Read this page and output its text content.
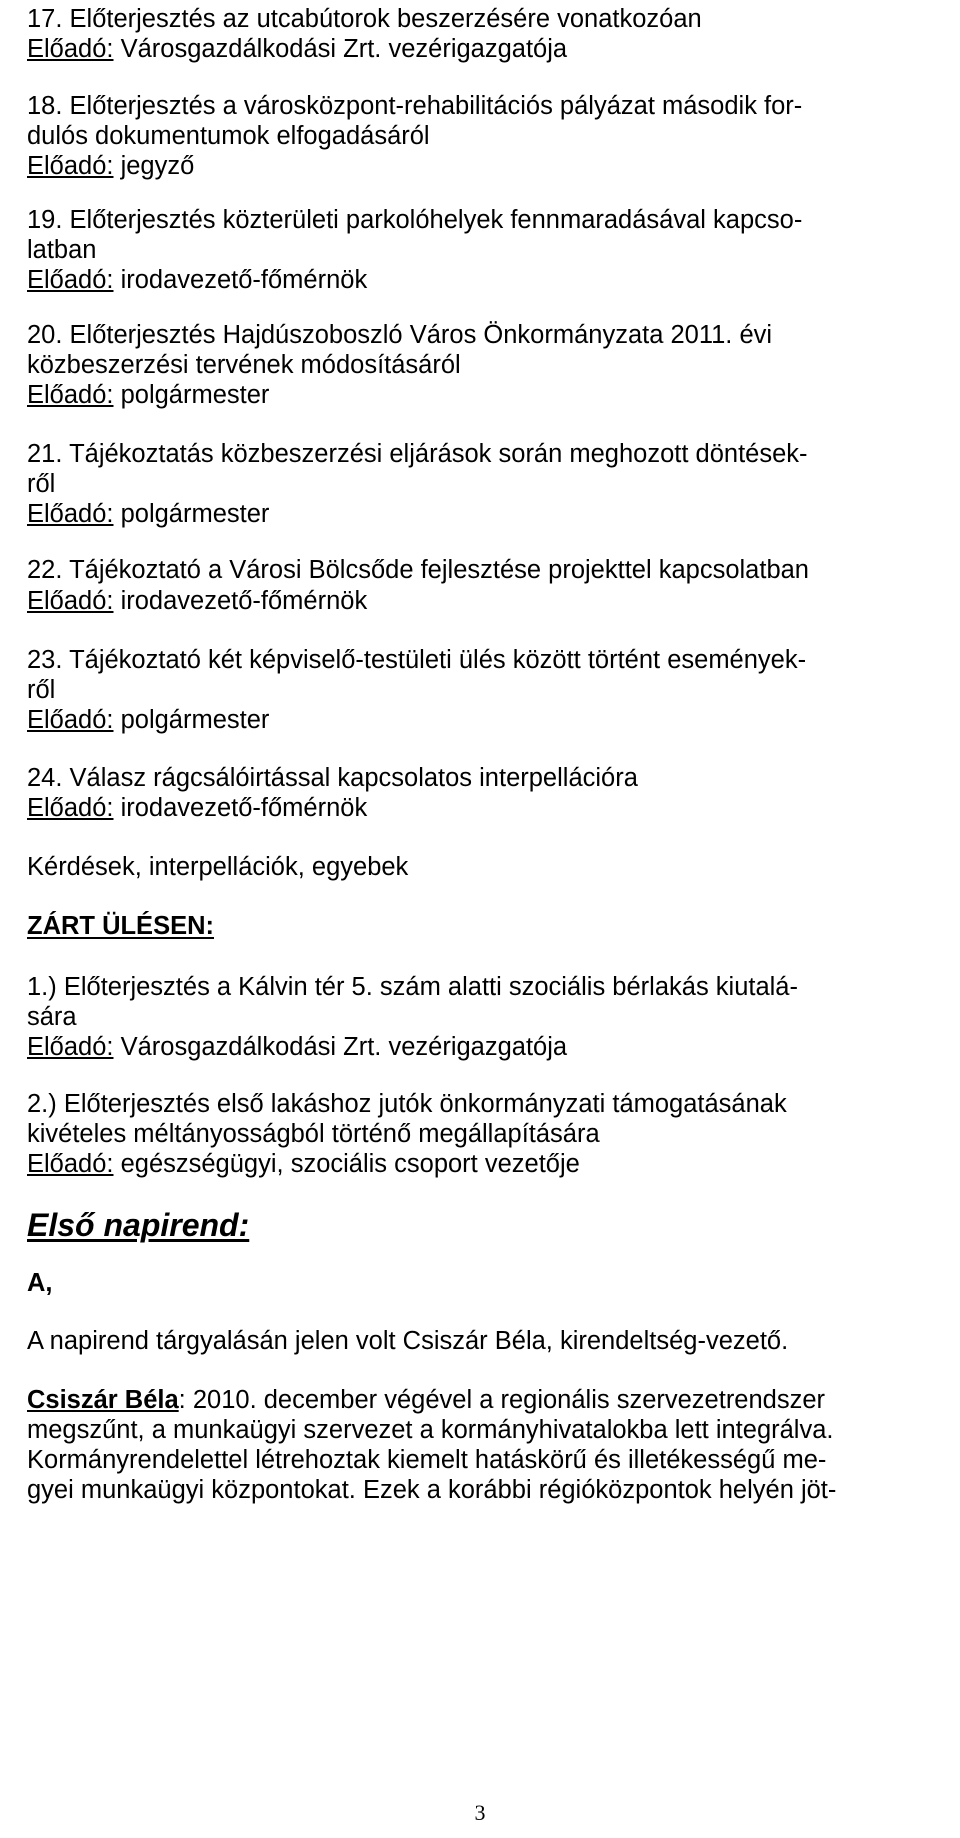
17. Előterjesztés az utcabútorok beszerzésére vonatkozóan
Előadó: Városgazdálkodási Zrt. vezérigazgatója
18. Előterjesztés a városközpont-rehabilitációs pályázat második for-
dulós dokumentumok elfogadásáról
Előadó: jegyző
19. Előterjesztés közterületi parkolóhelyek fennmaradásával kapcso-
latban
Előadó: irodavezető-főmérnök
20. Előterjesztés Hajdúszoboszló Város Önkormányzata 2011. évi
közbeszerzési tervének módosításáról
Előadó: polgármester
21. Tájékoztatás közbeszerzési eljárások során meghozott döntések-
ről
Előadó: polgármester
22. Tájékoztató a Városi Bölcsőde fejlesztése projekttel kapcsolatban
Előadó: irodavezető-főmérnök
23. Tájékoztató két képviselő-testületi ülés között történt események-
ről
Előadó: polgármester
24. Válasz rágcsálóirtással kapcsolatos interpellációra
Előadó: irodavezető-főmérnök
Kérdések, interpellációk, egyebek
ZÁRT ÜLÉSEN:
1.) Előterjesztés a Kálvin tér 5. szám alatti szociális bérlakás kiutalá-
sára
Előadó: Városgazdálkodási Zrt. vezérigazgatója
2.) Előterjesztés első lakáshoz jutók önkormányzati támogatásának
kivételes méltányosságból történő megállapítására
Előadó: egészségügyi, szociális csoport vezetője
Első napirend:
A,
A napirend tárgyalásán jelen volt Csiszár Béla, kirendeltség-vezető.
Csiszár Béla: 2010. december végével a regionális szervezetrendszer
megszűnt, a munkaügyi szervezet a kormányhivatalokba lett integrálva.
Kormányrendelettel létrehoztak kiemelt hatáskörű és illetékességű me-
gyei munkaügyi központokat. Ezek a korábbi régióközpontok helyén jöt-
3
